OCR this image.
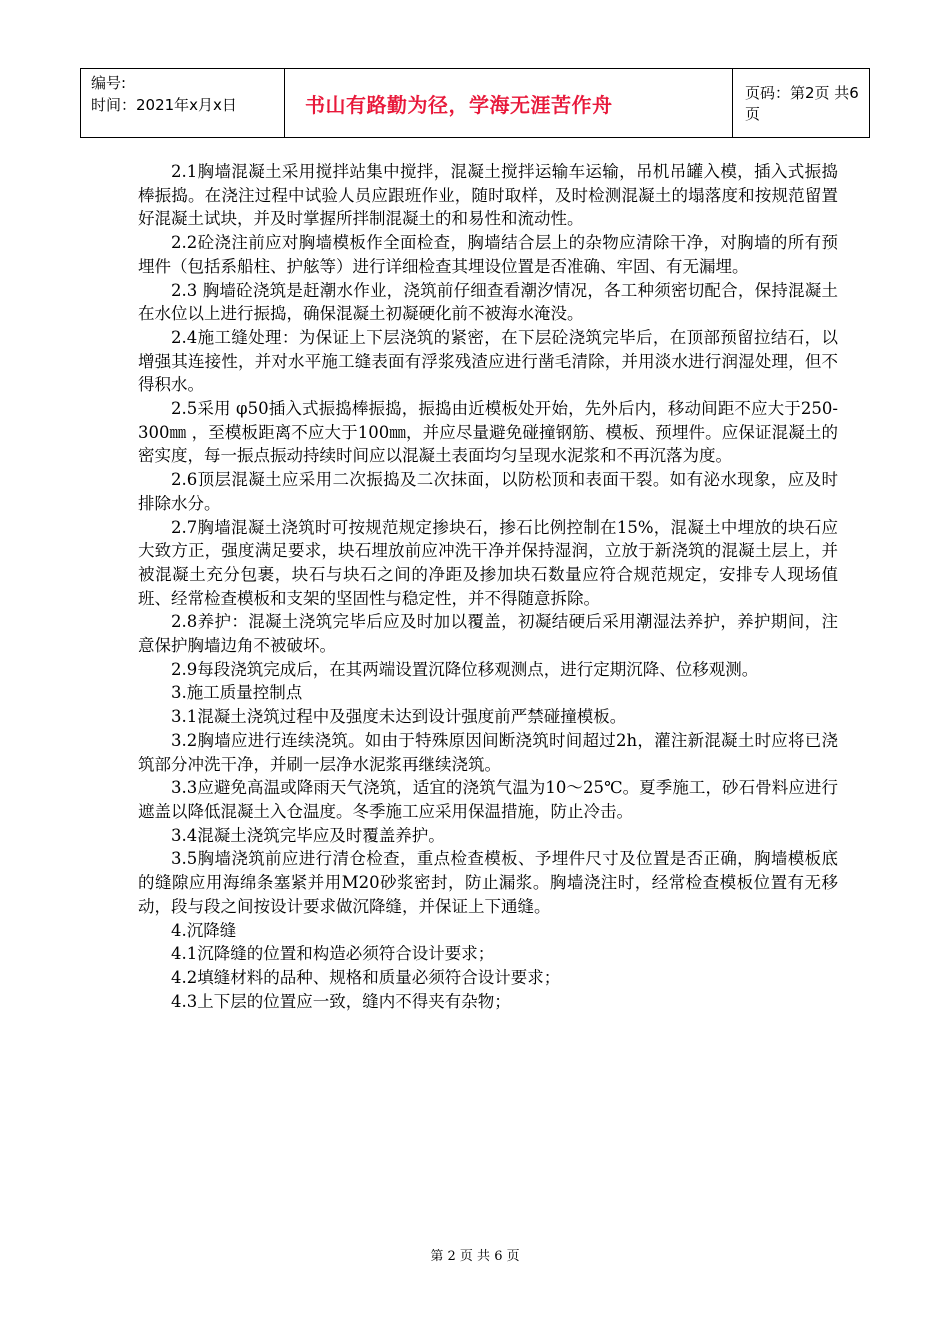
编号:
时间：2021年x月x日	书山有路勤为径，学海无涯苦作舟	页码：第2页 共6页

2.1胸墙混凝土采用搅拌站集中搅拌，混凝土搅拌运输车运输，吊机吊罐入模，插入式振捣棒振捣。在浇注过程中试验人员应跟班作业，随时取样，及时检测混凝土的塌落度和按规范留置好混凝土试块，并及时掌握所拌制混凝土的和易性和流动性。

2.2砼浇注前应对胸墙模板作全面检查，胸墙结合层上的杂物应清除干净，对胸墙的所有预埋件（包括系船柱、护舷等）进行详细检查其埋设位置是否准确、牢固、有无漏埋。

2.3 胸墙砼浇筑是赶潮水作业，浇筑前仔细查看潮汐情况，各工种须密切配合，保持混凝土在水位以上进行振捣，确保混凝土初凝硬化前不被海水淹没。

2.4施工缝处理：为保证上下层浇筑的紧密，在下层砼浇筑完毕后，在顶部预留拉结石，以增强其连接性，并对水平施工缝表面有浮浆残渣应进行凿毛清除，并用淡水进行润湿处理，但不得积水。

2.5采用 φ50插入式振捣棒振捣，振捣由近模板处开始，先外后内，移动间距不应大于250-300㎜ ，至模板距离不应大于100㎜，并应尽量避免碰撞钢筋、模板、预埋件。应保证混凝土的密实度，每一振点振动持续时间应以混凝土表面均匀呈现水泥浆和不再沉落为度。

2.6顶层混凝土应采用二次振捣及二次抹面，以防松顶和表面干裂。如有泌水现象，应及时排除水分。

2.7胸墙混凝土浇筑时可按规范规定掺块石，掺石比例控制在15%，混凝土中埋放的块石应大致方正，强度满足要求，块石埋放前应冲洗干净并保持湿润，立放于新浇筑的混凝土层上，并被混凝土充分包裹，块石与块石之间的净距及掺加块石数量应符合规范规定，安排专人现场值班、经常检查模板和支架的坚固性与稳定性，并不得随意拆除。

2.8养护：混凝土浇筑完毕后应及时加以覆盖，初凝结硬后采用潮湿法养护，养护期间，注意保护胸墙边角不被破坏。

2.9每段浇筑完成后，在其两端设置沉降位移观测点，进行定期沉降、位移观测。

3.施工质量控制点

3.1混凝土浇筑过程中及强度未达到设计强度前严禁碰撞模板。

3.2胸墙应进行连续浇筑。如由于特殊原因间断浇筑时间超过2h，灌注新混凝土时应将已浇筑部分冲洗干净，并刷一层净水泥浆再继续浇筑。

3.3应避免高温或降雨天气浇筑，适宜的浇筑气温为10～25℃。夏季施工，砂石骨料应进行遮盖以降低混凝土入仓温度。冬季施工应采用保温措施，防止冷击。

3.4混凝土浇筑完毕应及时覆盖养护。

3.5胸墙浇筑前应进行清仓检查，重点检查模板、予埋件尺寸及位置是否正确，胸墙模板底的缝隙应用海绵条塞紧并用M20砂浆密封，防止漏浆。胸墙浇注时，经常检查模板位置有无移动，段与段之间按设计要求做沉降缝，并保证上下通缝。

4.沉降缝

4.1沉降缝的位置和构造必须符合设计要求；

4.2填缝材料的品种、规格和质量必须符合设计要求；

4.3上下层的位置应一致，缝内不得夹有杂物；

第 2 页 共 6 页
